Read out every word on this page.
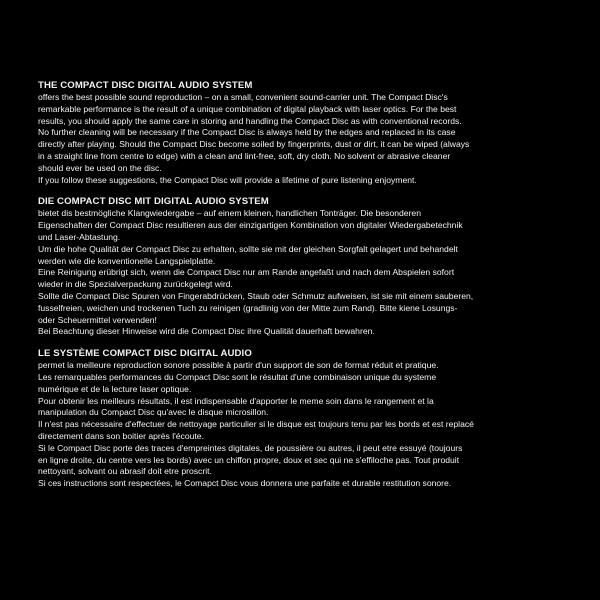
THE COMPACT DISC DIGITAL AUDIO SYSTEM

offers the best possible sound reproduction – on a small, convenient sound-carrier unit. The Compact Disc's

remarkable performance is the result of a unique combination of digital playback with laser optics. For the best

results, you should apply the same care in storing and handling the Compact Disc as with conventional records.

No further cleaning will be necessary if the Compact Disc is always held by the edges and replaced in its case

directly after playing. Should the Compact Disc become soiled by fingerprints, dust or dirt, it can be wiped (always

in a straight line from centre to edge) with a clean and lint-free, soft, dry cloth. No solvent or abrasive cleaner

should ever be used on the disc.

If you follow these suggestions, the Compact Disc will provide a lifetime of pure listening enjoyment.

DIE COMPACT DISC MIT DIGITAL AUDIO SYSTEM

bietet dis bestmögliche Klangwiedergabe – auf einem kleinen, handlichen Tonträger. Die besonderen

Eigenschaften der Compact Disc resultieren aus der einzigartigen Kombination von digitaler Wiedergabetechnik

und Laser-Abtastung.

Um die hohe Qualität der Compact Disc zu erhalten, sollte sie mit der gleichen Sorgfalt gelagert und behandelt

werden wie die konventionelle Langspielplatte.

Eine Reinigung erübrigt sich, wenn die Compact Disc nur am Rande angefaßt und nach dem Abspielen sofort

wieder in die Spezialverpackung zurückgelegt wird.

Sollte die Compact Disc Spuren von Fingerabdrücken, Staub oder Schmutz aufweisen, ist sie mit einem sauberen,

fusselfreien, weichen und trockenen Tuch zu reinigen (gradlinig von der Mitte zum Rand). Bitte kiene Losungs-

oder Scheuermittel verwenden!

Bei Beachtung dieser Hinweise wird die Compact Disc ihre Qualität dauerhaft bewahren.

LE SYSTÈME COMPACT DISC DIGITAL AUDIO

permet la meilleure reproduction sonore possible à partir d'un support de son de format réduit et pratique.

Les remarquables performances du Compact Disc sont le résultat d'une combinaison unique du systeme

numérique et de la lecture laser optique.

Pour obtenir les meilleurs résultats, il est indispensable d'apporter le meme soin dans le rangement et la

manipulation du Compact Disc qu'avec le disque microsillon.

Il n'est pas nécessaire d'effectuer de nettoyage particulier si le disque est toujours tenu par les bords et est replacé

directement dans son boitier après l'écoute.

Si le Compact Disc porte des traces d'empreintes digitales, de poussière ou autres, il peut etre essuyé (toujours

en ligne droite, du centre vers les bords) avec un chiffon propre, doux et sec qui ne s'effiloche pas. Tout produit

nettoyant, solvant ou abrasif doit etre proscrit.

Si ces instructions sont respectées, le Comapct Disc vous donnera une parfaite et durable restitution sonore.
